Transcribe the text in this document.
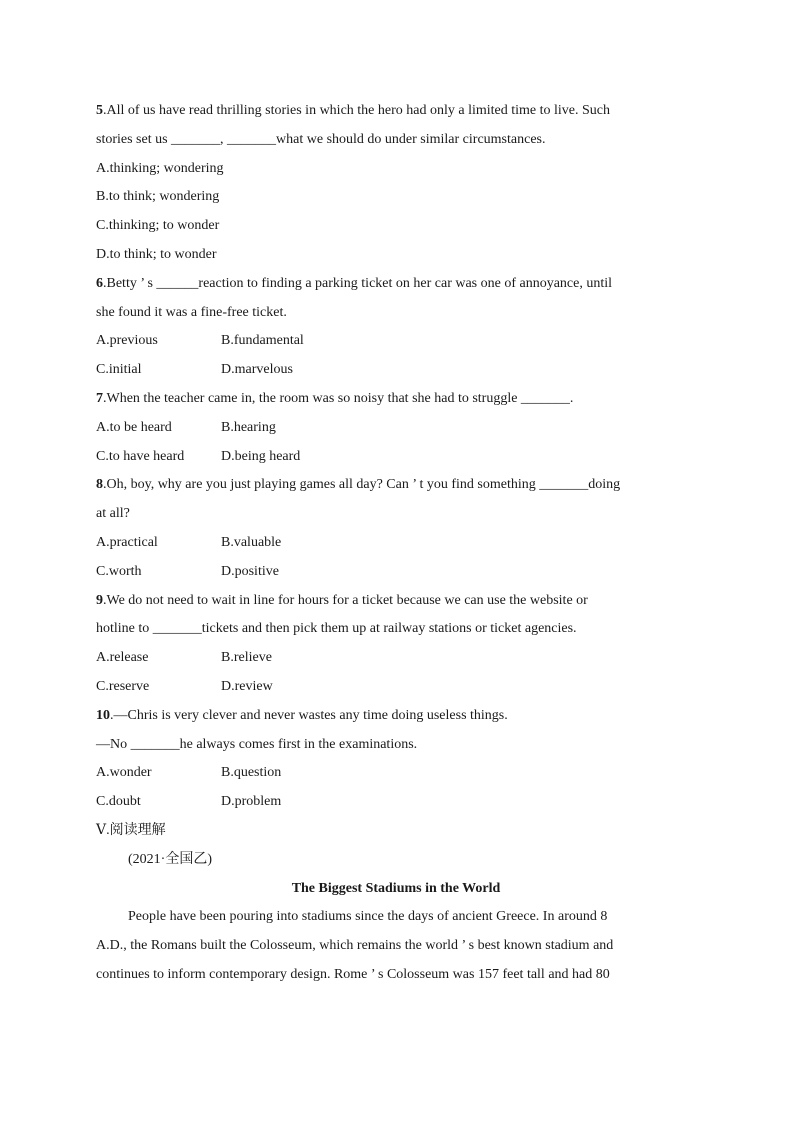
5.All of us have read thrilling stories in which the hero had only a limited time to live. Such
stories set us _______, _______what we should do under similar circumstances.
A.thinking; wondering
B.to think; wondering
C.thinking; to wonder
D.to think; to wonder
6.Betty ’ s ______reaction to finding a parking ticket on her car was one of annoyance, until
she found it was a fine-free ticket.
A.previous	B.fundamental
C.initial	D.marvelous
7.When the teacher came in, the room was so noisy that she had to struggle _______.
A.to be heard	B.hearing
C.to have heard	D.being heard
8.Oh, boy, why are you just playing games all day? Can ’ t you find something _______doing
at all?
A.practical	B.valuable
C.worth	D.positive
9.We do not need to wait in line for hours for a ticket because we can use the website or
hotline to _______tickets and then pick them up at railway stations or ticket agencies.
A.release	B.relieve
C.reserve	D.review
10.—Chris is very clever and never wastes any time doing useless things.
—No _______he always comes first in the examinations.
A.wonder	B.question
C.doubt	D.problem
Ⅴ.阅读理解
(2021·全国乙)
The Biggest Stadiums in the World
People have been pouring into stadiums since the days of ancient Greece. In around 8
A.D., the Romans built the Colosseum, which remains the world ’ s best known stadium and
continues to inform contemporary design. Rome ’ s Colosseum was 157 feet tall and had 80
